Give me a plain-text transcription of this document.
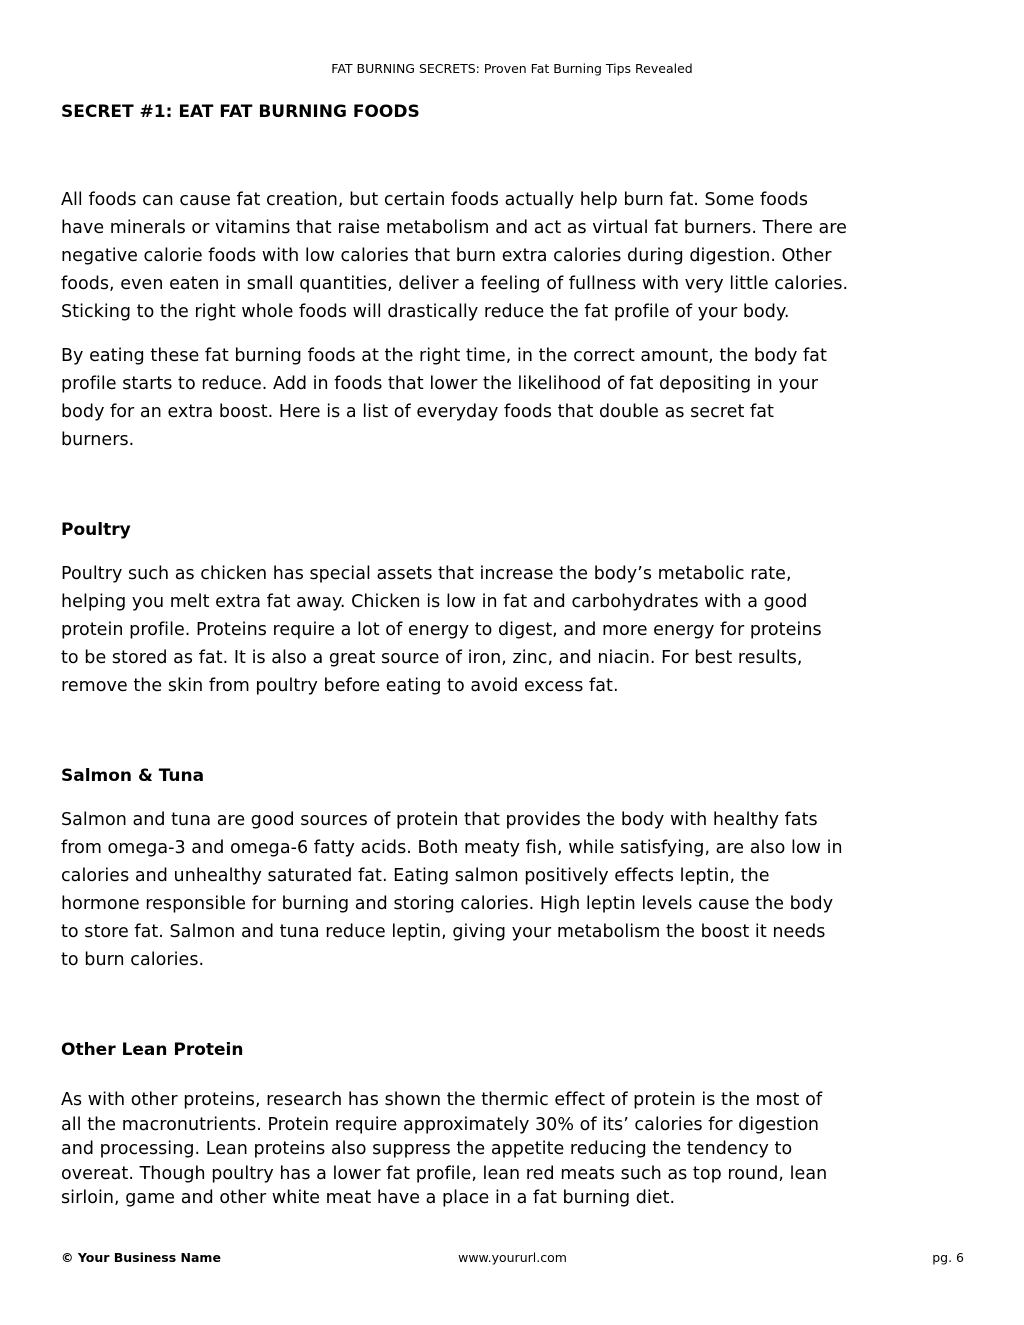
FAT BURNING SECRETS: Proven Fat Burning Tips Revealed
SECRET #1: EAT FAT BURNING FOODS

All foods can cause fat creation, but certain foods actually help burn fat. Some foods
have minerals or vitamins that raise metabolism and act as virtual fat burners. There are
negative calorie foods with low calories that burn extra calories during digestion. Other
foods, even eaten in small quantities, deliver a feeling of fullness with very little calories.
Sticking to the right whole foods will drastically reduce the fat profile of your body.

By eating these fat burning foods at the right time, in the correct amount, the body fat
profile starts to reduce. Add in foods that lower the likelihood of fat depositing in your
body for an extra boost. Here is a list of everyday foods that double as secret fat
burners.

Poultry

Poultry such as chicken has special assets that increase the body’s metabolic rate,
helping you melt extra fat away. Chicken is low in fat and carbohydrates with a good
protein profile. Proteins require a lot of energy to digest, and more energy for proteins
to be stored as fat. It is also a great source of iron, zinc, and niacin. For best results,
remove the skin from poultry before eating to avoid excess fat.

Salmon & Tuna

Salmon and tuna are good sources of protein that provides the body with healthy fats
from omega-3 and omega-6 fatty acids. Both meaty fish, while satisfying, are also low in
calories and unhealthy saturated fat. Eating salmon positively effects leptin, the
hormone responsible for burning and storing calories. High leptin levels cause the body
to store fat. Salmon and tuna reduce leptin, giving your metabolism the boost it needs
to burn calories.

Other Lean Protein

As with other proteins, research has shown the thermic effect of protein is the most of
all the macronutrients. Protein require approximately 30% of its’ calories for digestion
and processing. Lean proteins also suppress the appetite reducing the tendency to
overeat. Though poultry has a lower fat profile, lean red meats such as top round, lean
sirloin, game and other white meat have a place in a fat burning diet.

© Your Business Name	www.yoururl.com	pg. 6
